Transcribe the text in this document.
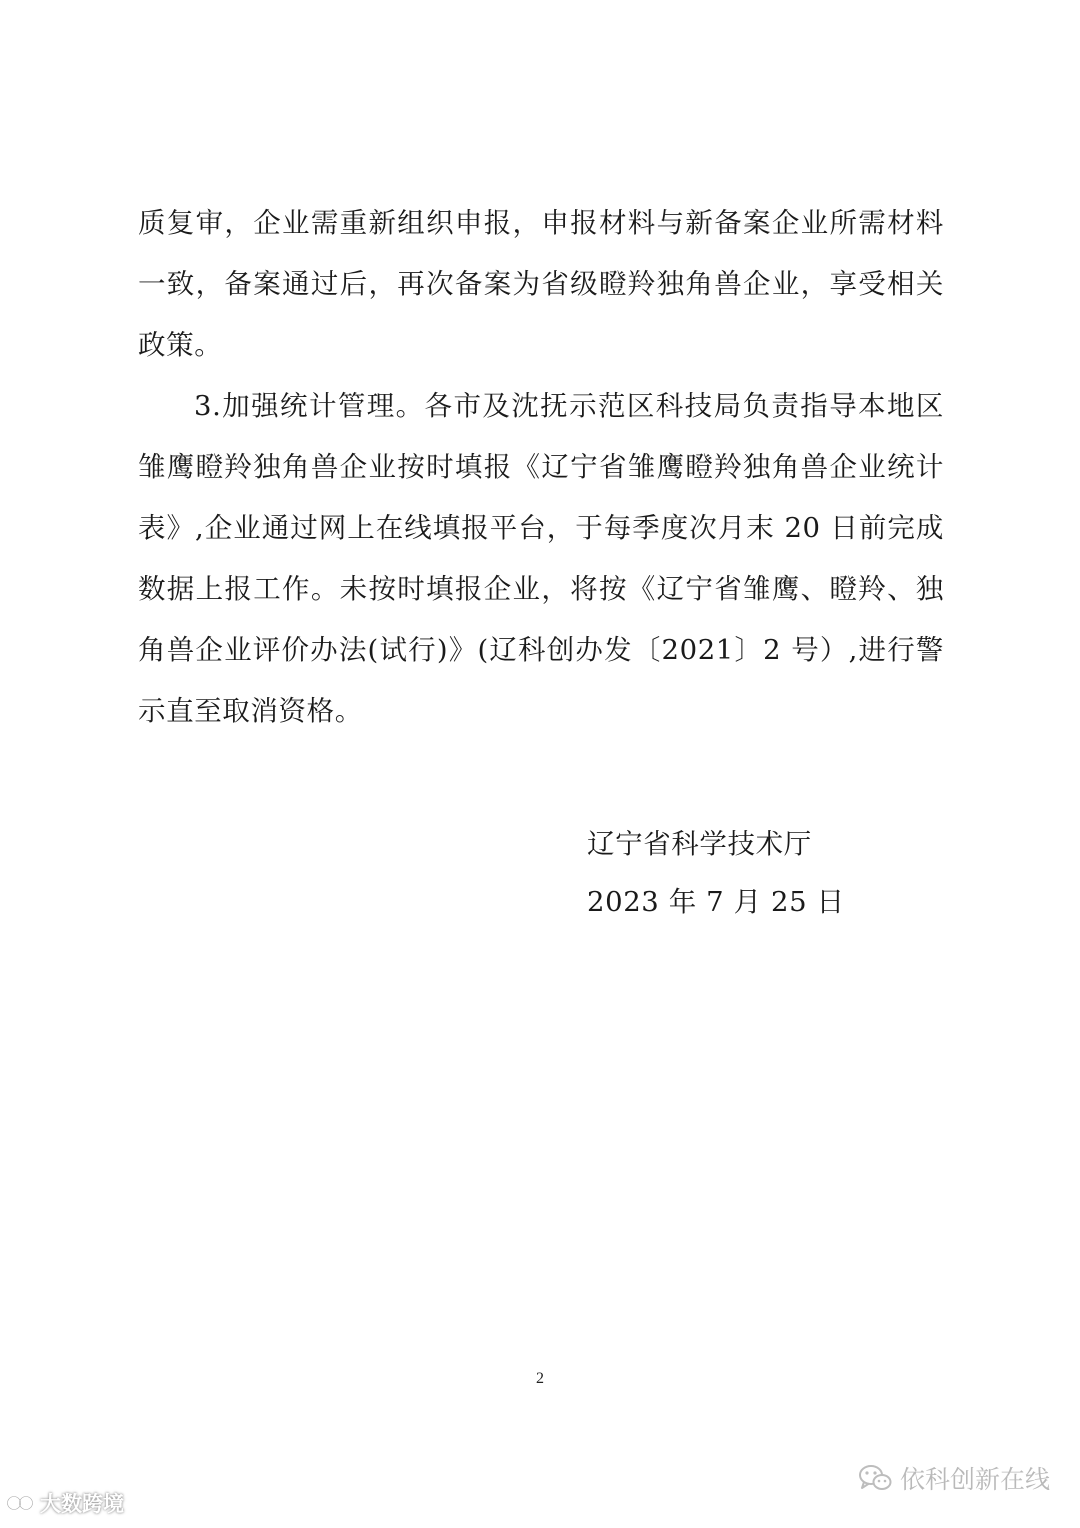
质复审，企业需重新组织申报，申报材料与新备案企业所需材料
一致，备案通过后，再次备案为省级瞪羚独角兽企业，享受相关
政策。
3.加强统计管理。各市及沈抚示范区科技局负责指导本地区
雏鹰瞪羚独角兽企业按时填报《辽宁省雏鹰瞪羚独角兽企业统计
表》,企业通过网上在线填报平台，于每季度次月末 20 日前完成
数据上报工作。未按时填报企业，将按《辽宁省雏鹰、瞪羚、独
角兽企业评价办法(试行)》(辽科创办发〔2021〕2 号）,进行警
示直至取消资格。
辽宁省科学技术厅
2023 年 7 月 25 日
2
大数跨境
依科创新在线
